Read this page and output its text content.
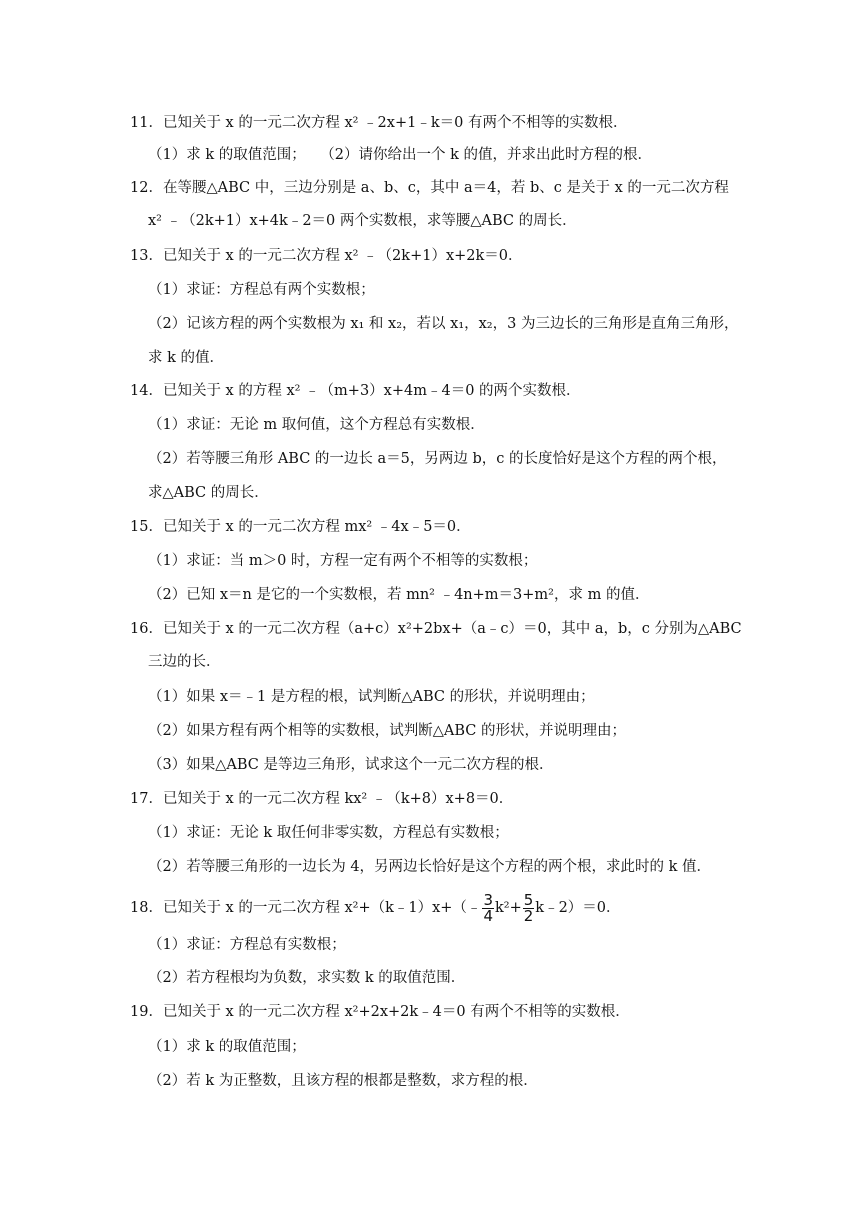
11．已知关于 x 的一元二次方程 x² ﹣2x+1﹣k＝0 有两个不相等的实数根．
（1）求 k 的取值范围；　　（2）请你给出一个 k 的值，并求出此时方程的根．
12．在等腰△ABC 中，三边分别是 a、b、c，其中 a＝4，若 b、c 是关于 x 的一元二次方程
x² ﹣（2k+1）x+4k﹣2＝0 两个实数根，求等腰△ABC 的周长．
13．已知关于 x 的一元二次方程 x² ﹣（2k+1）x+2k＝0．
（1）求证：方程总有两个实数根；
（2）记该方程的两个实数根为 x₁ 和 x₂，若以 x₁，x₂，3 为三边长的三角形是直角三角形，
求 k 的值．
14．已知关于 x 的方程 x² ﹣（m+3）x+4m﹣4＝0 的两个实数根．
（1）求证：无论 m 取何值，这个方程总有实数根．
（2）若等腰三角形 ABC 的一边长 a＝5，另两边 b，c 的长度恰好是这个方程的两个根，
求△ABC 的周长．
15．已知关于 x 的一元二次方程 mx² ﹣4x﹣5＝0．
（1）求证：当 m＞0 时，方程一定有两个不相等的实数根；
（2）已知 x＝n 是它的一个实数根，若 mn² ﹣4n+m＝3+m²，求 m 的值．
16．已知关于 x 的一元二次方程（a+c）x²+2bx+（a﹣c）＝0，其中 a，b，c 分别为△ABC
三边的长．
（1）如果 x＝﹣1 是方程的根，试判断△ABC 的形状，并说明理由；
（2）如果方程有两个相等的实数根，试判断△ABC 的形状，并说明理由；
（3）如果△ABC 是等边三角形，试求这个一元二次方程的根．
17．已知关于 x 的一元二次方程 kx² ﹣（k+8）x+8＝0．
（1）求证：无论 k 取任何非零实数，方程总有实数根；
（2）若等腰三角形的一边长为 4，另两边长恰好是这个方程的两个根，求此时的 k 值．
18．已知关于 x 的一元二次方程 x²+（k﹣1）x+（﹣ $\frac{3}{4} k^2+ \frac{5}{2}$ k﹣2）＝0．
（1）求证：方程总有实数根；
（2）若方程根均为负数，求实数 k 的取值范围．
19．已知关于 x 的一元二次方程 x²+2x+2k﹣4＝0 有两个不相等的实数根．
（1）求 k 的取值范围；
（2）若 k 为正整数，且该方程的根都是整数，求方程的根．
